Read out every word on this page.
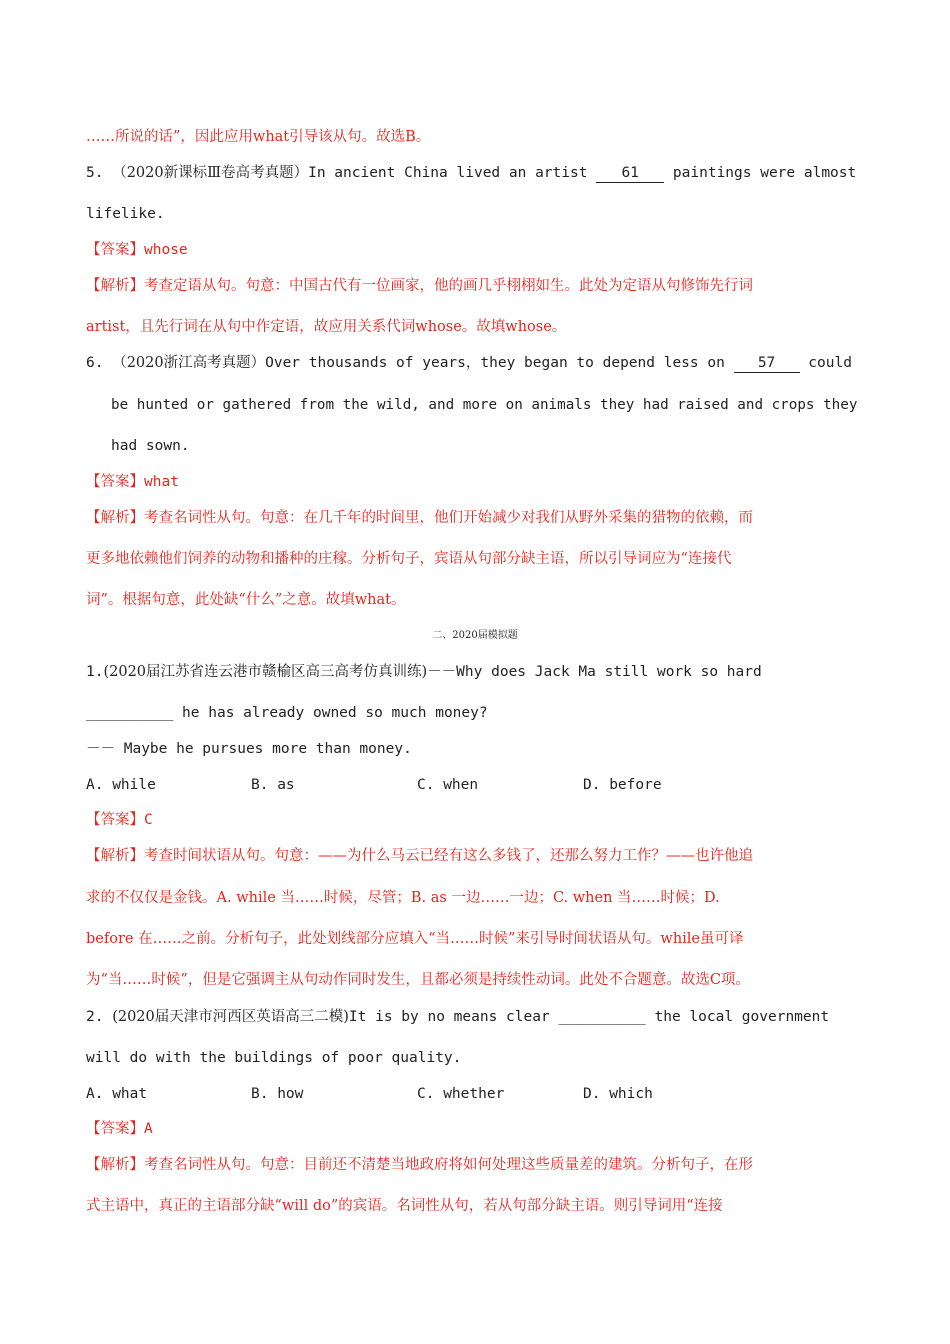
……所说的话”，因此应用what引导该从句。故选B。
5. （2020新课标Ⅲ卷高考真题）In ancient China lived an artist 61 paintings were almost
lifelike.
【答案】whose
【解析】考查定语从句。句意：中国古代有一位画家，他的画几乎栩栩如生。此处为定语从句修饰先行词
artist，且先行词在从句中作定语，故应用关系代词whose。故填whose。
6. （2020浙江高考真题）Over thousands of years，they began to depend less on 57 could
be hunted or gathered from the wild, and more on animals they had raised and crops they
had sown.
【答案】what
【解析】考查名词性从句。句意：在几千年的时间里，他们开始减少对我们从野外采集的猎物的依赖，而
更多地依赖他们饲养的动物和播种的庄稼。分析句子，宾语从句部分缺主语，所以引导词应为“连接代
词”。根据句意，此处缺“什么”之意。故填what。
二、2020届模拟题
1.(2020届江苏省连云港市赣榆区高三高考仿真训练)－－Why does Jack Ma still work so hard
__________ he has already owned so much money?
－－ Maybe he pursues more than money.
A. while	B. as	C. when	D. before
【答案】C
【解析】考查时间状语从句。句意：——为什么马云已经有这么多钱了，还那么努力工作？——也许他追
求的不仅仅是金钱。A. while 当……时候，尽管；B. as 一边……一边；C. when 当……时候；D.
before 在……之前。分析句子，此处划线部分应填入“当……时候”来引导时间状语从句。while虽可译
为“当……时候”，但是它强调主从句动作同时发生，且都必须是持续性动词。此处不合题意。故选C项。
2. (2020届天津市河西区英语高三二模)It is by no means clear __________ the local government
will do with the buildings of poor quality.
A. what	B. how	C. whether	D. which
【答案】A
【解析】考查名词性从句。句意：目前还不清楚当地政府将如何处理这些质量差的建筑。分析句子，在形
式主语中，真正的主语部分缺“will do”的宾语。名词性从句，若从句部分缺主语。则引导词用“连接
